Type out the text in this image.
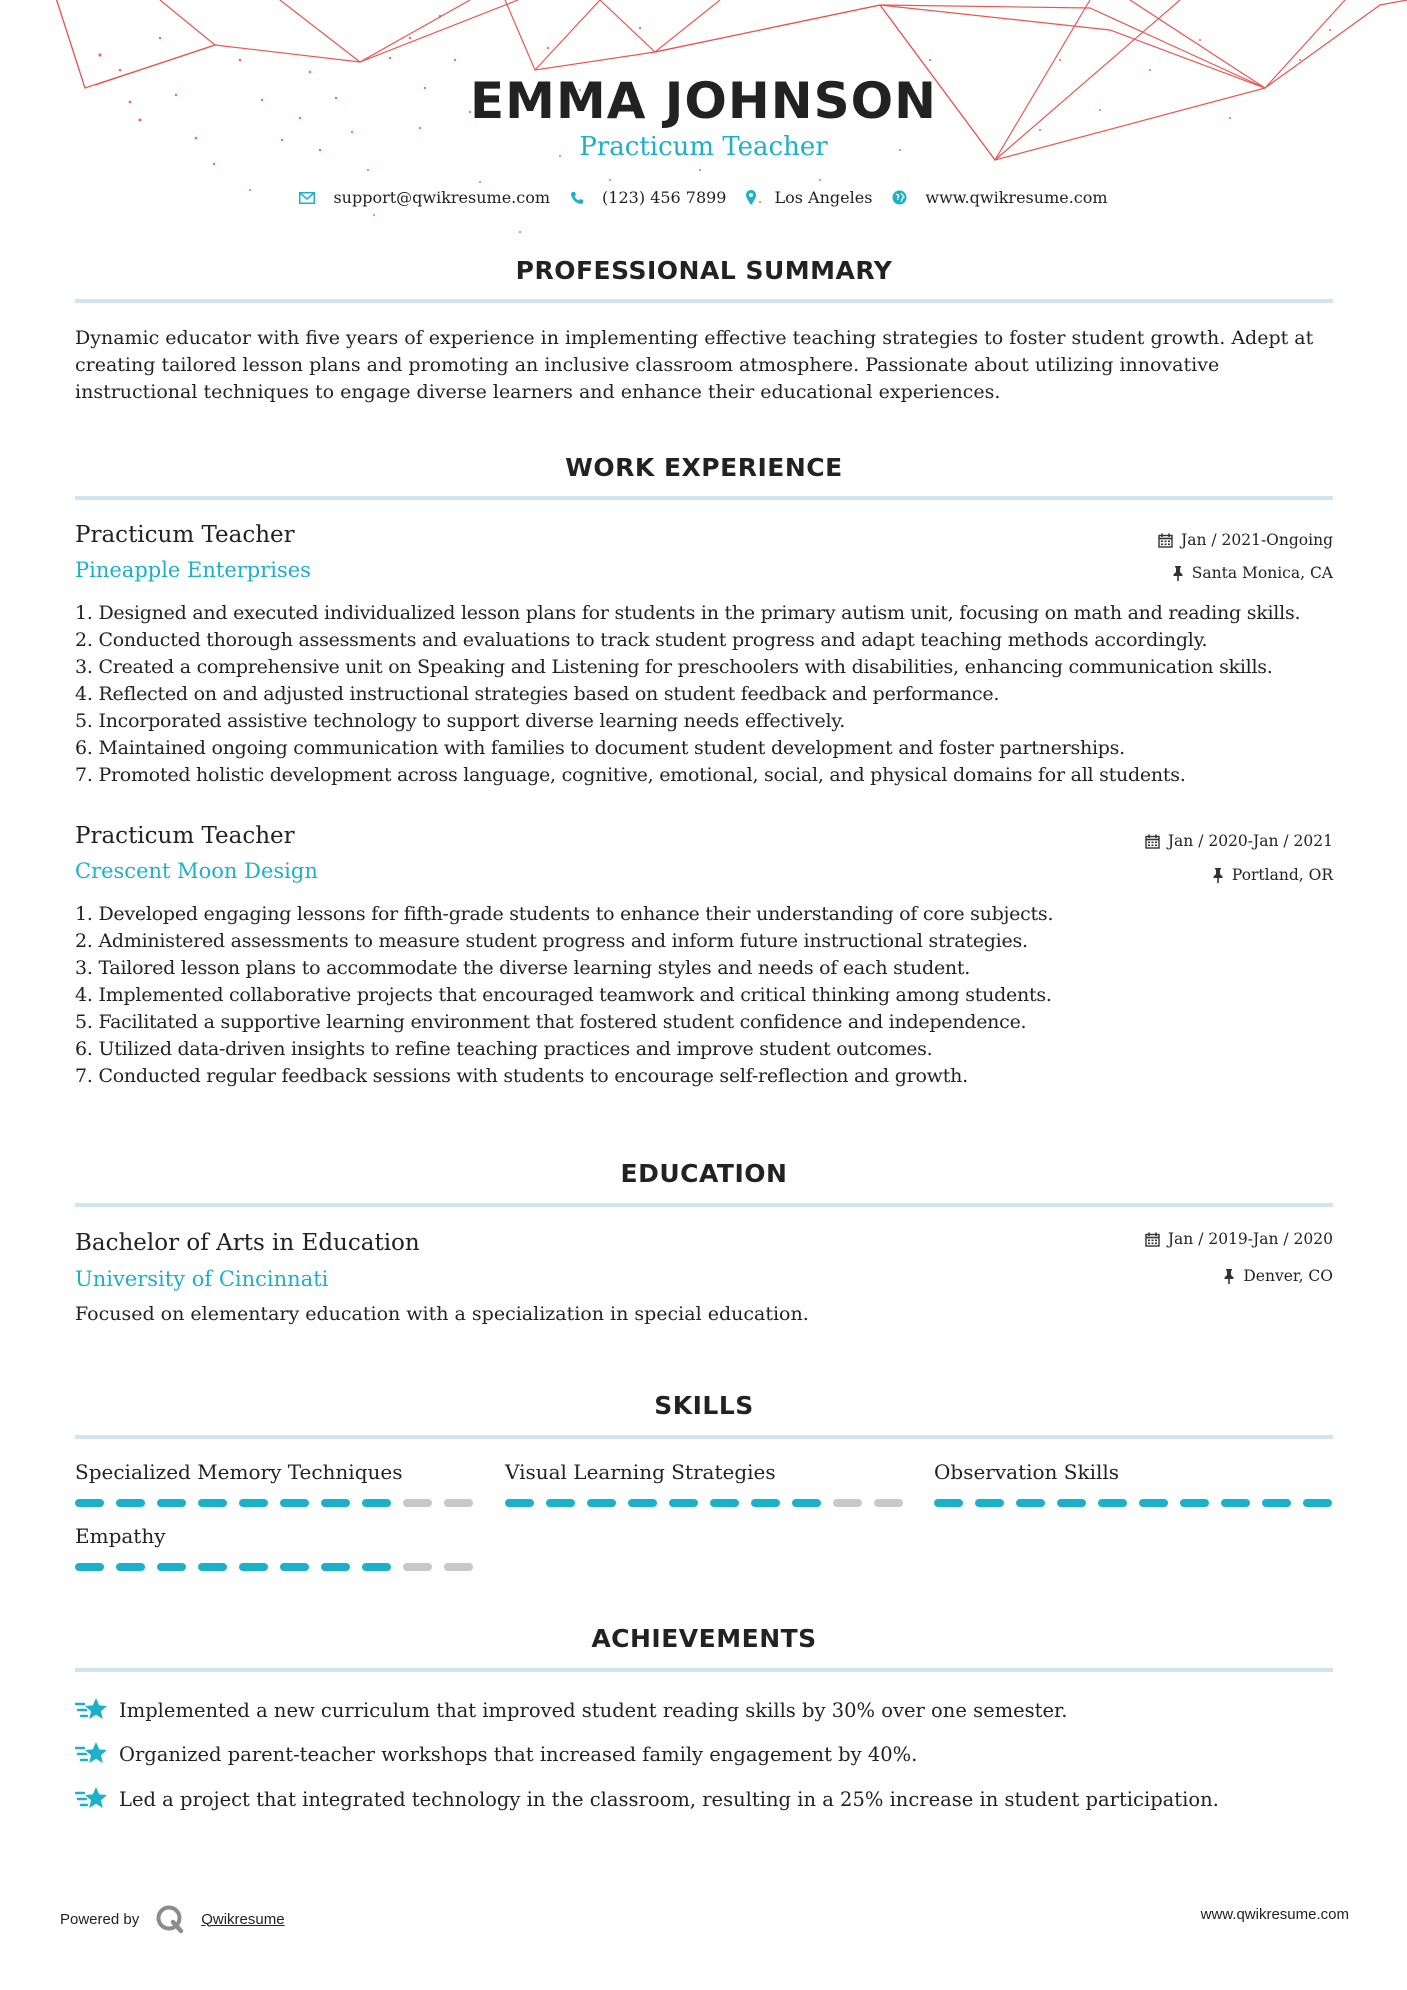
EMMA JOHNSON
Practicum Teacher
support@qwikresume.com	(123) 456 7899	Los Angeles	www.qwikresume.com
PROFESSIONAL SUMMARY
Dynamic educator with five years of experience in implementing effective teaching strategies to foster student growth. Adept at creating tailored lesson plans and promoting an inclusive classroom atmosphere. Passionate about utilizing innovative instructional techniques to engage diverse learners and enhance their educational experiences.
WORK EXPERIENCE
Practicum Teacher
Pineapple Enterprises
Jan / 2021-Ongoing
Santa Monica, CA
Designed and executed individualized lesson plans for students in the primary autism unit, focusing on math and reading skills.
Conducted thorough assessments and evaluations to track student progress and adapt teaching methods accordingly.
Created a comprehensive unit on Speaking and Listening for preschoolers with disabilities, enhancing communication skills.
Reflected on and adjusted instructional strategies based on student feedback and performance.
Incorporated assistive technology to support diverse learning needs effectively.
Maintained ongoing communication with families to document student development and foster partnerships.
Promoted holistic development across language, cognitive, emotional, social, and physical domains for all students.
Practicum Teacher
Crescent Moon Design
Jan / 2020-Jan / 2021
Portland, OR
Developed engaging lessons for fifth-grade students to enhance their understanding of core subjects.
Administered assessments to measure student progress and inform future instructional strategies.
Tailored lesson plans to accommodate the diverse learning styles and needs of each student.
Implemented collaborative projects that encouraged teamwork and critical thinking among students.
Facilitated a supportive learning environment that fostered student confidence and independence.
Utilized data-driven insights to refine teaching practices and improve student outcomes.
Conducted regular feedback sessions with students to encourage self-reflection and growth.
EDUCATION
Bachelor of Arts in Education
University of Cincinnati
Jan / 2019-Jan / 2020
Denver, CO
Focused on elementary education with a specialization in special education.
SKILLS
Specialized Memory Techniques	Visual Learning Strategies	Observation Skills
Empathy
ACHIEVEMENTS
Implemented a new curriculum that improved student reading skills by 30% over one semester.
Organized parent-teacher workshops that increased family engagement by 40%.
Led a project that integrated technology in the classroom, resulting in a 25% increase in student participation.
Powered by	Qwikresume	www.qwikresume.com
